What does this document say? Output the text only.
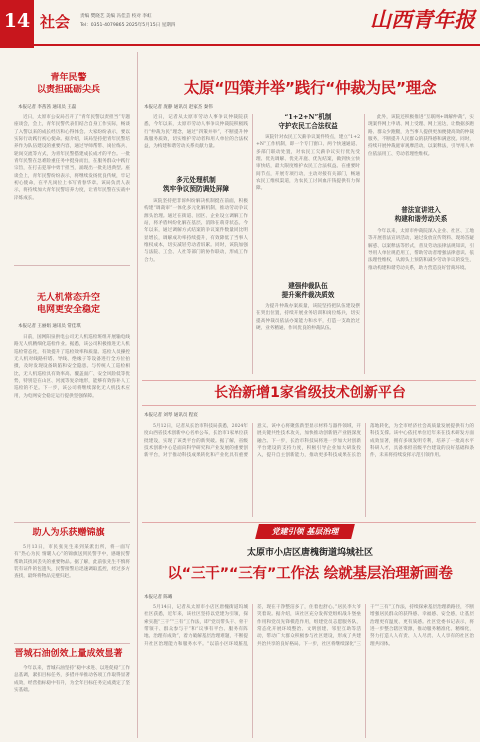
14 社会 责编 樊晓艺 美编 冯佳芸 校对 李虹
Tel：0351-4079865 2025年5月15日 星期四	山西青年报
青年民警
以责担砥砺尖兵
本报记者 李茜茜 通讯员 王磊
近日，太原市公安局召开了“青年民警以责担当”专题座谈会，会上，青年民警代表们结合自身工作实际，畅谈了入警以来的成长经历和心得体会。大家纷纷表示，要以实际行动践行初心使命。据介绍，该局坚持把青年民警培养作为队伍建设的重要内容，通过导师帮带、岗位练兵、轮岗交流等方式，为青年民警搭建成长成才的平台。一批青年民警在急难险重任务中挺身而出，在服务群众中践行宗旨，在打击犯罪中勇于担当，涌现出一批先进典型。座谈会上，青年民警纷纷表示，将继续发扬优良传统，牢记初心使命，在平凡岗位上书写青春华章。该局负责人表示，将持续加大青年民警培养力度，让青年民警在实战中淬炼成长。
无人机常态升空
电网更安全稳定
本报记者 王丽娟 通讯员 常佳琪
日前，国网阳泉供电公司无人机巡检班组开展输电线路无人机精细化巡检作业。据悉，该公司积极推进无人机巡检常态化，有效提升了巡检效率和质量。巡检人员操控无人机对线路杆塔、导线、绝缘子等设备进行全方位拍摄，及时发现设备缺陷和安全隐患。与传统人工巡检相比，无人机巡检具有效率高、覆盖面广、安全风险低等优势，特别是在山区、河流等复杂地形，能够有效弥补人工巡检的不足。下一步，该公司将继续深化无人机技术应用，为电网安全稳定运行提供坚强保障。
助人为乐获赠锦旗
5月13日，市民张先生来到某派出所，将一面写有“热心为民 情暖人心”的锦旗送到民警手中，感谢民警帮助其找回丢失的重要物品。据了解，此前张先生不慎将装有证件的包遗失，民警接警后迅速调取监控，经过多方查找，最终将物品完璧归赵。
晋城石油创效上量成效显著
今年以来，晋城石油坚持“稳中求进、以进促稳”工作总基调，紧扣目标任务，多措并举推动各项工作取得显著成效，经营指标稳中有升，为全年目标任务完成奠定了坚实基础。
太原“四策并举”践行“仲裁为民”理念
本报记者 庞静 通讯员 赵家杰 秦伟
近日，记者从太原市劳动人事争议仲裁院获悉，今年以来，太原市劳动人事争议仲裁院积极践行“仲裁为民”理念，通过“四策并举”，不断提升仲裁服务质效，切实维护劳动者和用人单位的合法权益，为构建和谐劳动关系贡献力量。
多元处理机制
筑牢争议预防调处屏障
该院坚持把非诉纠纷解决机制挺在前面，积极构建“调裁审”一体化多元化解机制，推动劳动争议源头治理。通过在街道、园区、企业设立调解工作站，将矛盾纠纷化解在基层、消除在萌芽状态。今年以来，通过调解方式结案的争议案件数量同比明显增长，调解成功率持续提升，有效降低了当事人维权成本，切实减轻劳动者诉累。同时，该院加强与法院、工会、人社等部门的协作联动，形成工作合力。
“1+2+N”机制
守护农民工合法权益
该院针对农民工欠薪争议案件特点，建立“1+2+N”工作机制，即一个专门窗口、两个快速通道、多部门联动处置，对农民工欠薪争议实行优先受理、优先调解、优先开庭、优先结案，做到快立快审快结，最大限度维护农民工合法权益。在重要时间节点，开展专项行动，主动对接有关部门，畅通农民工维权渠道，为农民工讨回血汗钱提供有力保障。
建强仲裁队伍
提升案件裁决质效
为提升仲裁办案质量，该院坚持把队伍建设摆在突出位置，持续开展业务培训和岗位练兵，切实提高仲裁员依法办案能力和水平，打造一支政治过硬、业务精通、作风优良的仲裁队伍。
此外，该院还积极推进“互联网+调解仲裁”，实现案件网上申请、网上受理、网上送达，让数据多跑路、群众少跑腿，为当事人提供更加便捷高效的仲裁服务，不断提升人民群众的获得感和满意度。同时，持续开展仲裁庭审观摩活动，以案释法，引导用人单位依法用工、劳动者理性维权。
普法宣讲进入
构建和谐劳动关系
今年以来，太原市仲裁院深入企业、社区、工地等开展普法宣讲活动，通过发放宣传资料、现场答疑解惑、以案释法等形式，普及劳动法律法规知识，引导用人单位规范用工，帮助劳动者增强法律意识、依法理性维权，从源头上预防和减少劳动争议的发生，推动构建和谐劳动关系，助力营造良好营商环境。
长治新增1家省级技术创新平台
本报记者 刘琴 通讯员 程宸
5月12日，记者从长治市科技局获悉，2024年度山西省技术创新中心名单公布，长治市1家单位获批建设，实现了该类平台的新突破。据了解，省级技术创新中心是面向科学研究和产业发展的重要创新平台，对于推动科技成果转化和产业化具有重要意义。该中心将聚焦新型显示材料与器件领域，开展关键共性技术攻关，加快推动创新链产业链深度融合。下一步，长治市科技局将进一步加大对创新平台建设的支持力度，积极引导企业加大研发投入，提升自主创新能力，推动更多科技成果在长治落地转化，为全市经济社会高质量发展提供有力的科技支撑。该中心依托单位近年来在技术研发方面成效显著，拥有多项发明专利，培养了一批高水平科研人才，具备承担省级平台建设的良好基础和条件，未来将持续发挥示范引领作用。
党建引领 基层治理
太原市小店区唐槐街道坞城社区
以“三干”“三有”工作法 绘就基层治理新画卷
本报记者 陈曦
5月14日，记者从太原市小店区唐槐街道坞城社区获悉，近年来，该社区坚持以党建为引领，探索实施“三干”“三有”工作法，即“党员带头干、骨干带领干、群众参与干”和“议事有平台、服务有阵地、治理有成效”，着力破解基层治理难题，不断提升社区治理能力和服务水平。“以前小区环境脏乱差，现在干净整洁多了，住着也舒心。”居民李大爷笑着说。据介绍，该社区充分发挥党组织战斗堡垒作用和党员先锋模范作用，组建党员志愿服务队，常态化开展环境整治、文明创建、邻里互助等活动，带动广大群众积极参与社区建设，形成了共建共治共享的良好格局。下一步，社区将继续深化“三干”“三有”工作法，持续探索基层治理新路径，不断增强居民群众的获得感、幸福感、安全感，让基层治理更有温度、更有质感。社区党委书记表示，将进一步整合辖区资源，推动服务精准化、精细化，努力打造人人有责、人人尽责、人人享有的社区治理共同体。
